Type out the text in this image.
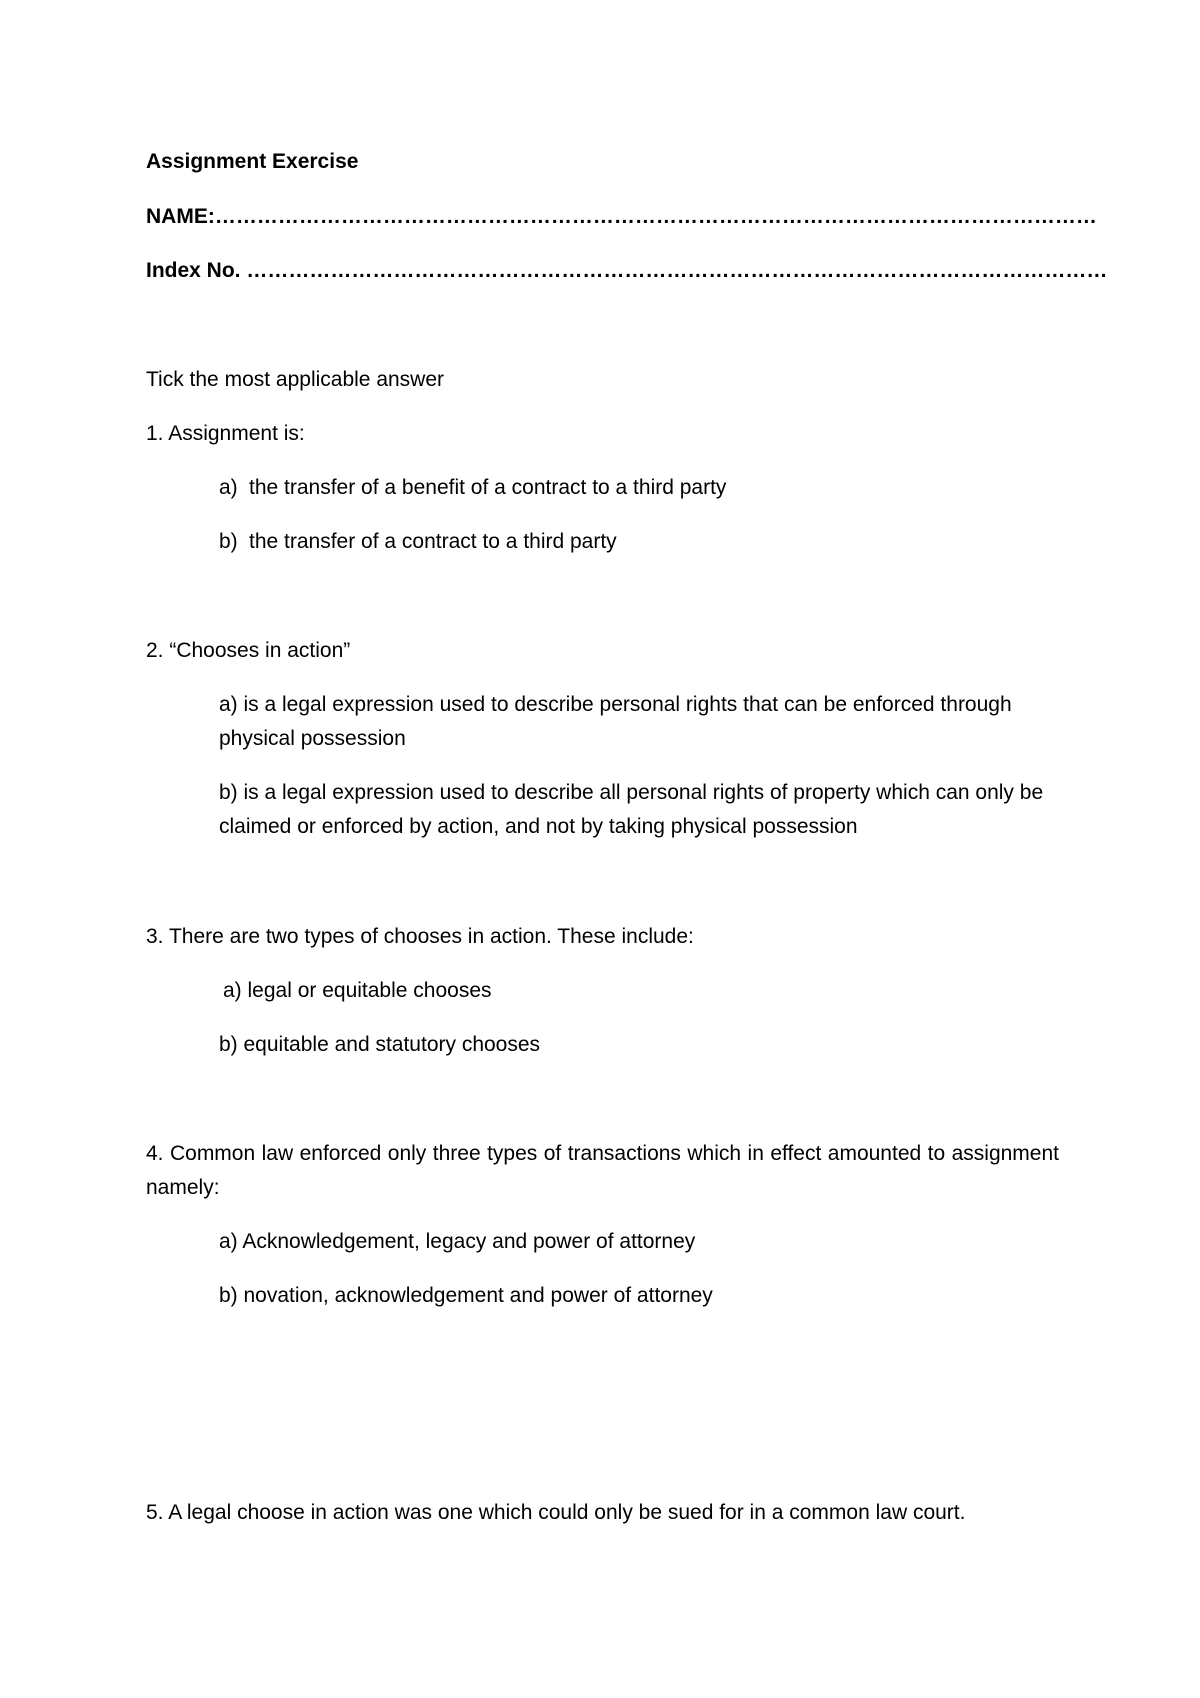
Assignment Exercise
NAME:………………………………………………………………………………………………………………
Index No. ……………………………………………………………………………………………………………
Tick the most applicable answer
1. Assignment is:
a) the transfer of a benefit of a contract to a third party
b) the transfer of a contract to a third party
2. “Chooses in action”
a) is a legal expression used to describe personal rights that can be enforced through physical possession
b) is a legal expression used to describe all personal rights of property which can only be claimed or enforced by action, and not by taking physical possession
3. There are two types of chooses in action. These include:
a) legal or equitable chooses
b) equitable and statutory chooses
4. Common law enforced only three types of transactions which in effect amounted to assignment namely:
a) Acknowledgement, legacy and power of attorney
b) novation, acknowledgement and power of attorney
5. A legal choose in action was one which could only be sued for in a common law court.
